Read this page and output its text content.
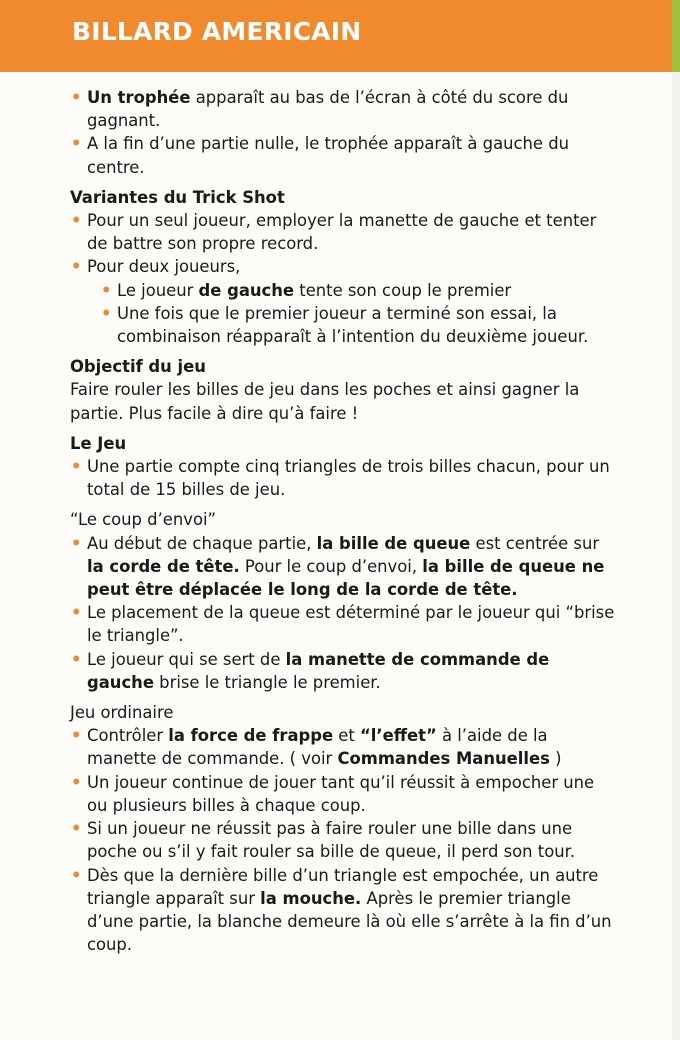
BILLARD AMERICAIN
• Un trophée apparaît au bas de l’écran à côté du score du gagnant.
• A la fin d’une partie nulle, le trophée apparaît à gauche du centre.
Variantes du Trick Shot
• Pour un seul joueur, employer la manette de gauche et tenter de battre son propre record.
• Pour deux joueurs,
• Le joueur de gauche tente son coup le premier
• Une fois que le premier joueur a terminé son essai, la combinaison réapparaît à l’intention du deuxième joueur.
Objectif du jeu

Faire rouler les billes de jeu dans les poches et ainsi gagner la partie. Plus facile à dire qu’à faire !

Le Jeu
• Une partie compte cinq triangles de trois billes chacun, pour un total de 15 billes de jeu.

“Le coup d’envoi”

• Au début de chaque partie, la bille de queue est centrée sur la corde de tête. Pour le coup d’envoi, la bille de queue ne peut être déplacée le long de la corde de tête.
• Le placement de la queue est déterminé par le joueur qui “brise le triangle”.
• Le joueur qui se sert de la manette de commande de gauche brise le triangle le premier.

Jeu ordinaire

• Contrôler la force de frappe et “l’effet” à l’aide de la manette de commande. ( voir Commandes Manuelles )
• Un joueur continue de jouer tant qu’il réussit à empocher une ou plusieurs billes à chaque coup.
• Si un joueur ne réussit pas à faire rouler une bille dans une poche ou s’il y fait rouler sa bille de queue, il perd son tour.
• Dès que la dernière bille d’un triangle est empochée, un autre triangle apparaît sur la mouche. Après le premier triangle d’une partie, la blanche demeure là où elle s’arrête à la fin d’un coup.
